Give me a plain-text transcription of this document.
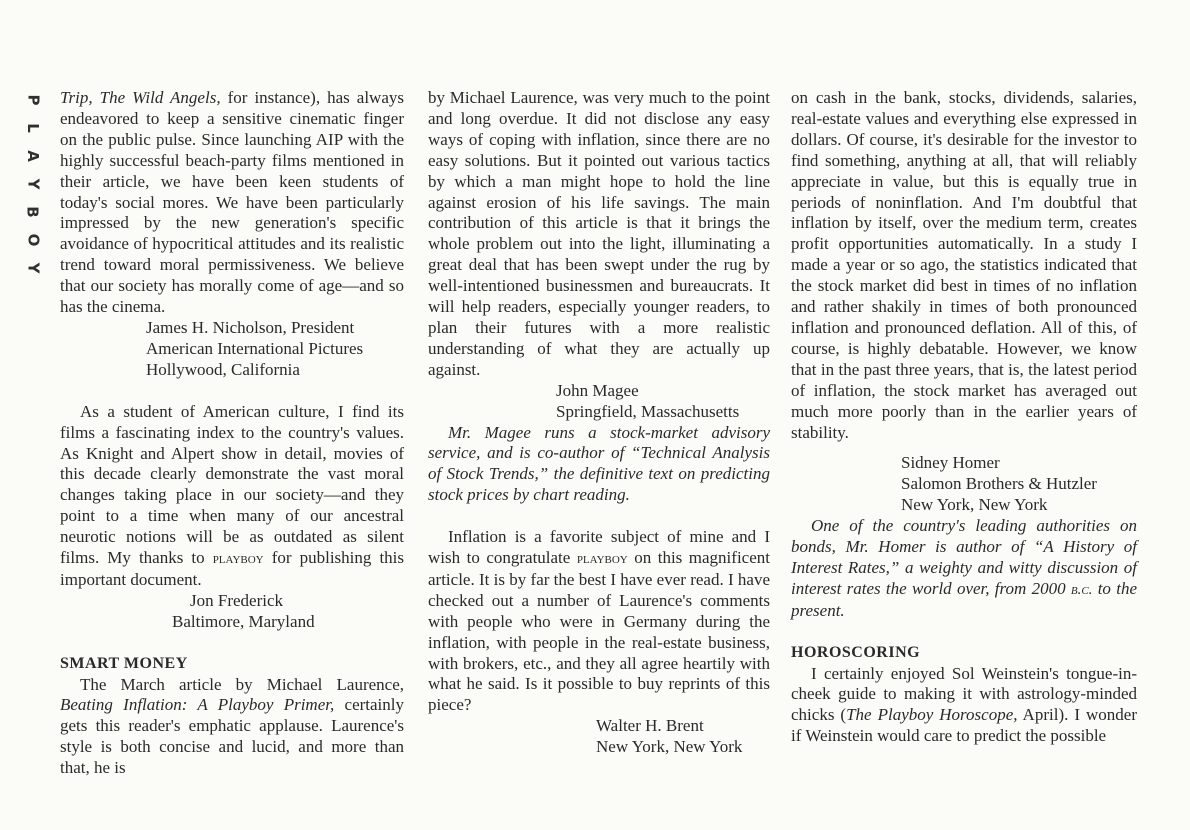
P
L
A
Y
B
O
Y

Trip, The Wild Angels, for instance), has always endeavored to keep a sensitive cinematic finger on the public pulse. Since launching AIP with the highly successful beach-party films mentioned in their article, we have been keen students of today's social mores. We have been particularly impressed by the new generation's specific avoidance of hypocritical attitudes and its realistic trend toward moral permissiveness. We believe that our society has morally come of age—and so has the cinema.

James H. Nicholson, President

American International Pictures

Hollywood, California

As a student of American culture, I find its films a fascinating index to the country's values. As Knight and Alpert show in detail, movies of this decade clearly demonstrate the vast moral changes taking place in our society—and they point to a time when many of our ancestral neurotic notions will be as outdated as silent films. My thanks to playboy for publishing this important document.

Jon Frederick

Baltimore, Maryland

SMART MONEY

The March article by Michael Laurence, Beating Inflation: A Playboy Primer, certainly gets this reader's emphatic applause. Laurence's style is both concise and lucid, and more than that, he is

by Michael Laurence, was very much to the point and long overdue. It did not disclose any easy ways of coping with inflation, since there are no easy solutions. But it pointed out various tactics by which a man might hope to hold the line against erosion of his life savings. The main contribution of this article is that it brings the whole problem out into the light, illuminating a great deal that has been swept under the rug by well-intentioned businessmen and bureaucrats. It will help readers, especially younger readers, to plan their futures with a more realistic understanding of what they are actually up against.

John Magee

Springfield, Massachusetts

Mr. Magee runs a stock-market advisory service, and is co-author of “Technical Analysis of Stock Trends,” the definitive text on predicting stock prices by chart reading.

Inflation is a favorite subject of mine and I wish to congratulate playboy on this magnificent article. It is by far the best I have ever read. I have checked out a number of Laurence's comments with people who were in Germany during the inflation, with people in the real-estate business, with brokers, etc., and they all agree heartily with what he said. Is it possible to buy reprints of this piece?

Walter H. Brent

New York, New York

on cash in the bank, stocks, dividends, salaries, real-estate values and everything else expressed in dollars. Of course, it's desirable for the investor to find something, anything at all, that will reliably appreciate in value, but this is equally true in periods of noninflation. And I'm doubtful that inflation by itself, over the medium term, creates profit opportunities automatically. In a study I made a year or so ago, the statistics indicated that the stock market did best in times of no inflation and rather shakily in times of both pronounced inflation and pronounced deflation. All of this, of course, is highly debatable. However, we know that in the past three years, that is, the latest period of inflation, the stock market has averaged out much more poorly than in the earlier years of stability.

Sidney Homer

Salomon Brothers & Hutzler

New York, New York

One of the country's leading authorities on bonds, Mr. Homer is author of “A History of Interest Rates,” a weighty and witty discussion of interest rates the world over, from 2000 b.c. to the present.

HOROSCORING

I certainly enjoyed Sol Weinstein's tongue-in-cheek guide to making it with astrology-minded chicks (The Playboy Horoscope, April). I wonder if Weinstein would care to predict the possible
